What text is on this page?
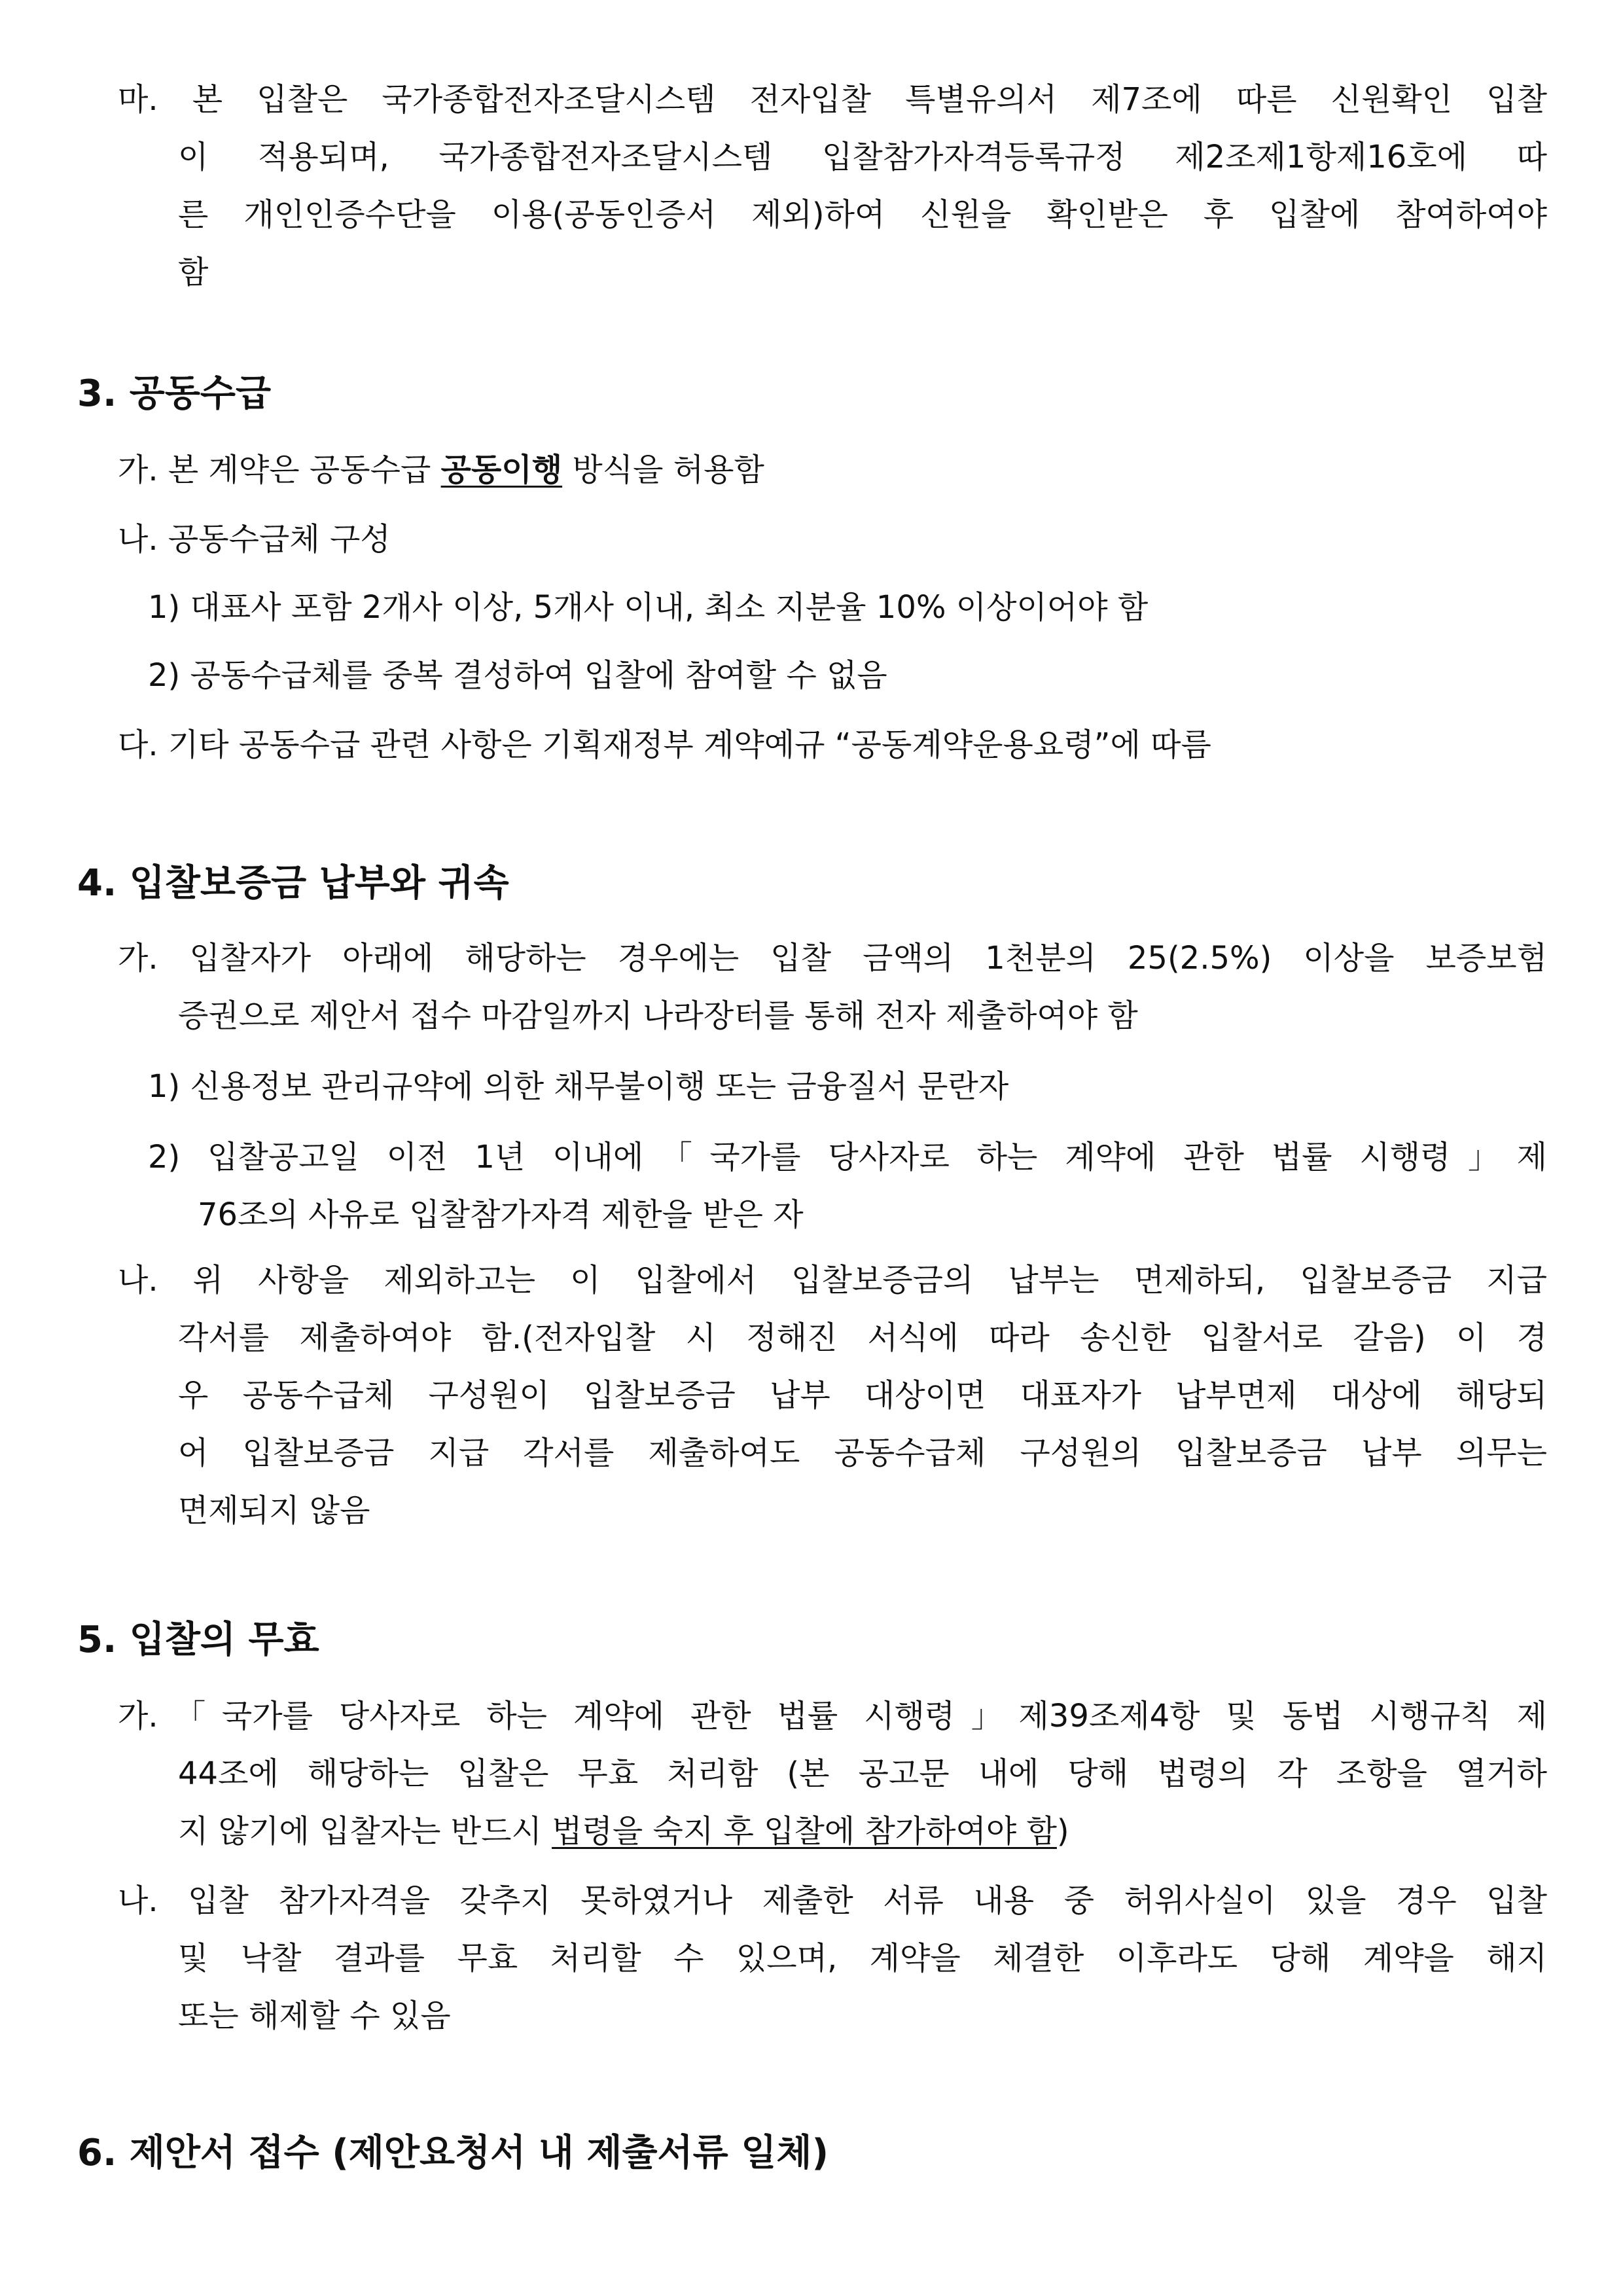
마. 본 입찰은 국가종합전자조달시스템 전자입찰 특별유의서 제7조에 따른 신원확인 입찰
이 적용되며, 국가종합전자조달시스템 입찰참가자격등록규정 제2조제1항제16호에 따
른 개인인증수단을 이용(공동인증서 제외)하여 신원을 확인받은 후 입찰에 참여하여야
함
3. 공동수급
가. 본 계약은 공동수급 공동이행 방식을 허용함
나. 공동수급체 구성
1) 대표사 포함 2개사 이상, 5개사 이내, 최소 지분율 10% 이상이어야 함
2) 공동수급체를 중복 결성하여 입찰에 참여할 수 없음
다. 기타 공동수급 관련 사항은 기획재정부 계약예규 “공동계약운용요령”에 따름
4. 입찰보증금 납부와 귀속
가. 입찰자가 아래에 해당하는 경우에는 입찰 금액의 1천분의 25(2.5%) 이상을 보증보험
증권으로 제안서 접수 마감일까지 나라장터를 통해 전자 제출하여야 함
1) 신용정보 관리규약에 의한 채무불이행 또는 금융질서 문란자
2) 입찰공고일 이전 1년 이내에「국가를 당사자로 하는 계약에 관한 법률 시행령」제
76조의 사유로 입찰참가자격 제한을 받은 자
나. 위 사항을 제외하고는 이 입찰에서 입찰보증금의 납부는 면제하되, 입찰보증금 지급
각서를 제출하여야 함.(전자입찰 시 정해진 서식에 따라 송신한 입찰서로 갈음) 이 경
우 공동수급체 구성원이 입찰보증금 납부 대상이면 대표자가 납부면제 대상에 해당되
어 입찰보증금 지급 각서를 제출하여도 공동수급체 구성원의 입찰보증금 납부 의무는
면제되지 않음
5. 입찰의 무효
가.「국가를 당사자로 하는 계약에 관한 법률 시행령」제39조제4항 및 동법 시행규칙 제
44조에 해당하는 입찰은 무효 처리함 (본 공고문 내에 당해 법령의 각 조항을 열거하
지 않기에 입찰자는 반드시 법령을 숙지 후 입찰에 참가하여야 함)
나. 입찰 참가자격을 갖추지 못하였거나 제출한 서류 내용 중 허위사실이 있을 경우 입찰
및 낙찰 결과를 무효 처리할 수 있으며, 계약을 체결한 이후라도 당해 계약을 해지
또는 해제할 수 있음
6. 제안서 접수 (제안요청서 내 제출서류 일체)
